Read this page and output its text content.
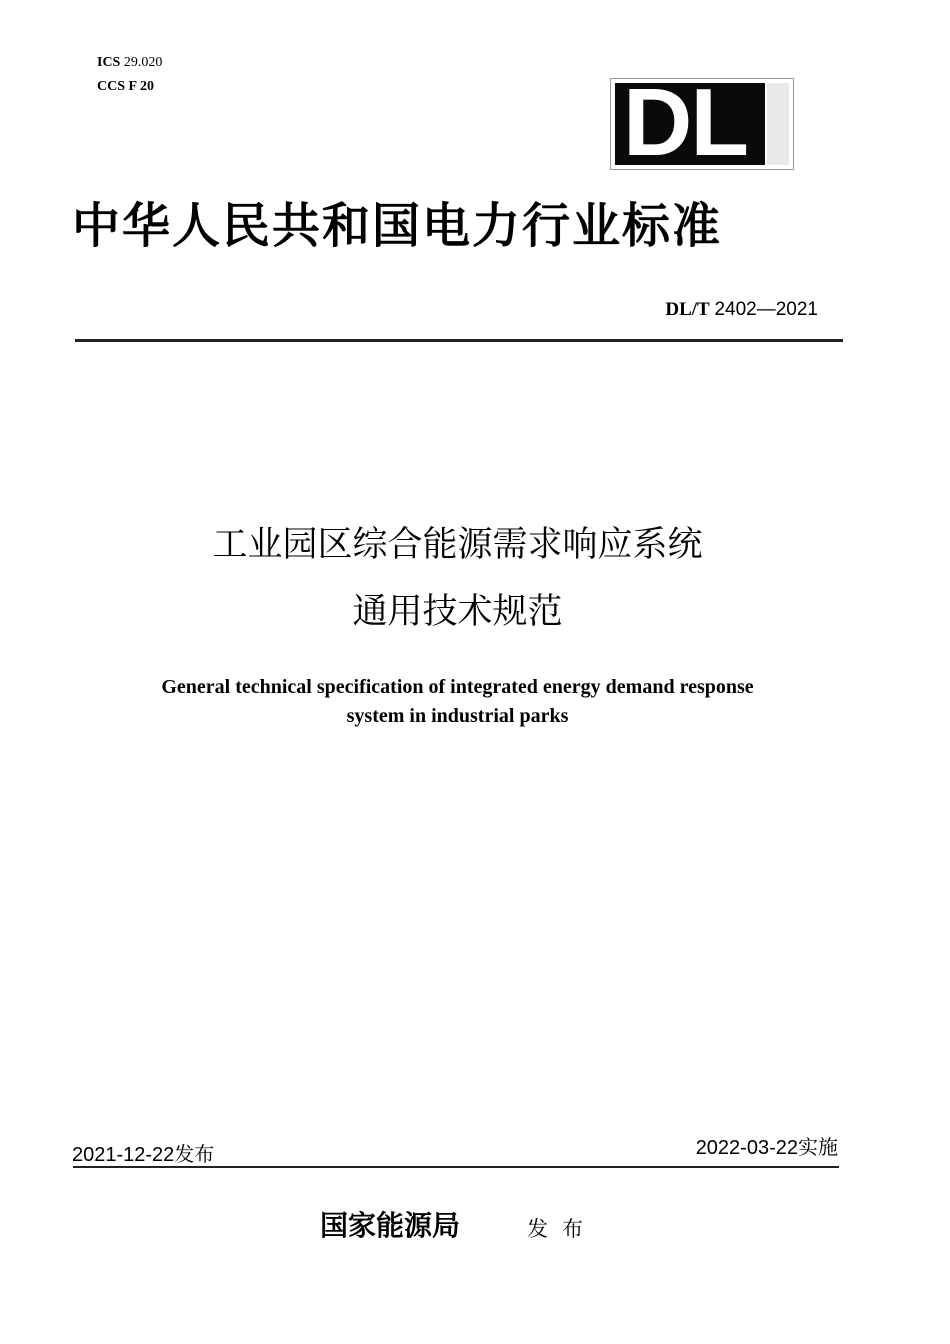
ICS 29.020
CCS F 20	DL
中华人民共和国电力行业标准
DL/T 2402—2021
工业园区综合能源需求响应系统
通用技术规范
General technical specification of integrated energy demand response
system in industrial parks
2021-12-22发布	2022-03-22实施
国家能源局	发布
